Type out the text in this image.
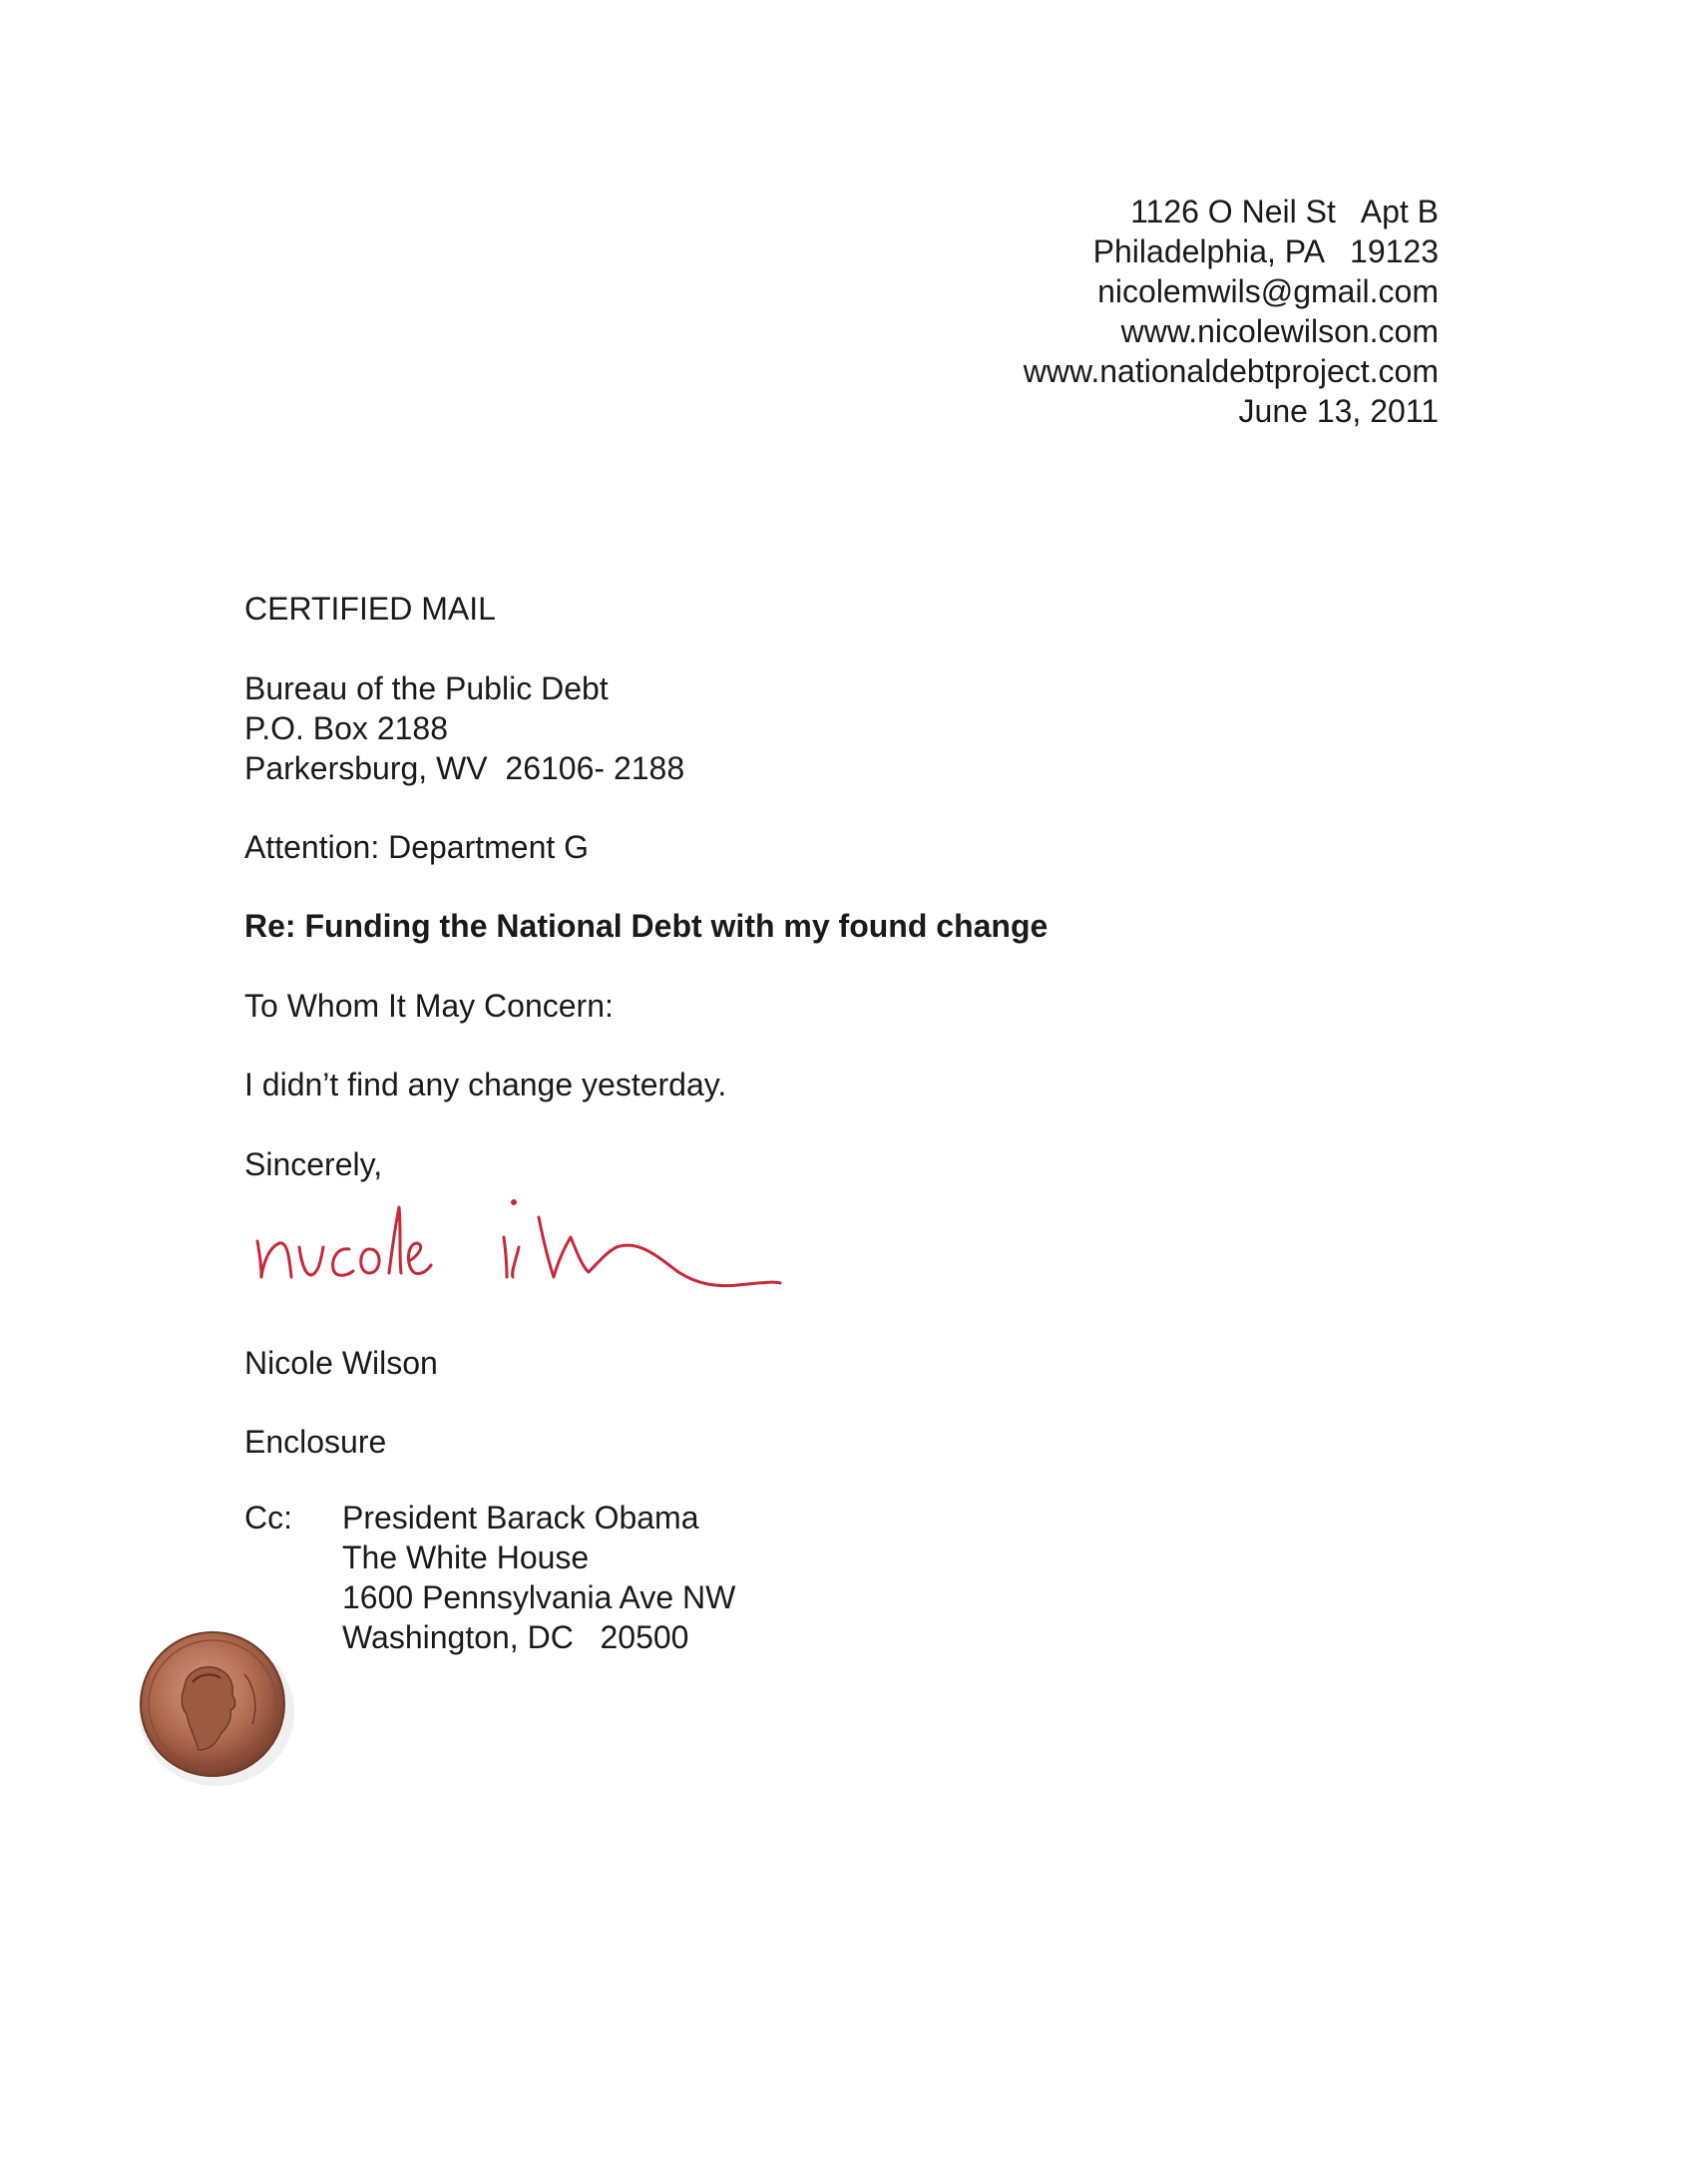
1126 O Neil St   Apt B
Philadelphia, PA   19123
nicolemwils@gmail.com
www.nicolewilson.com
www.nationaldebtproject.com
June 13, 2011
CERTIFIED MAIL
Bureau of the Public Debt
P.O. Box 2188
Parkersburg, WV  26106- 2188
Attention: Department G
Re: Funding the National Debt with my found change
To Whom It May Concern:
I didn’t find any change yesterday.
Sincerely,
Nicole Wilson
Enclosure
Cc: President Barack Obama
The White House
1600 Pennsylvania Ave NW
Washington, DC   20500
